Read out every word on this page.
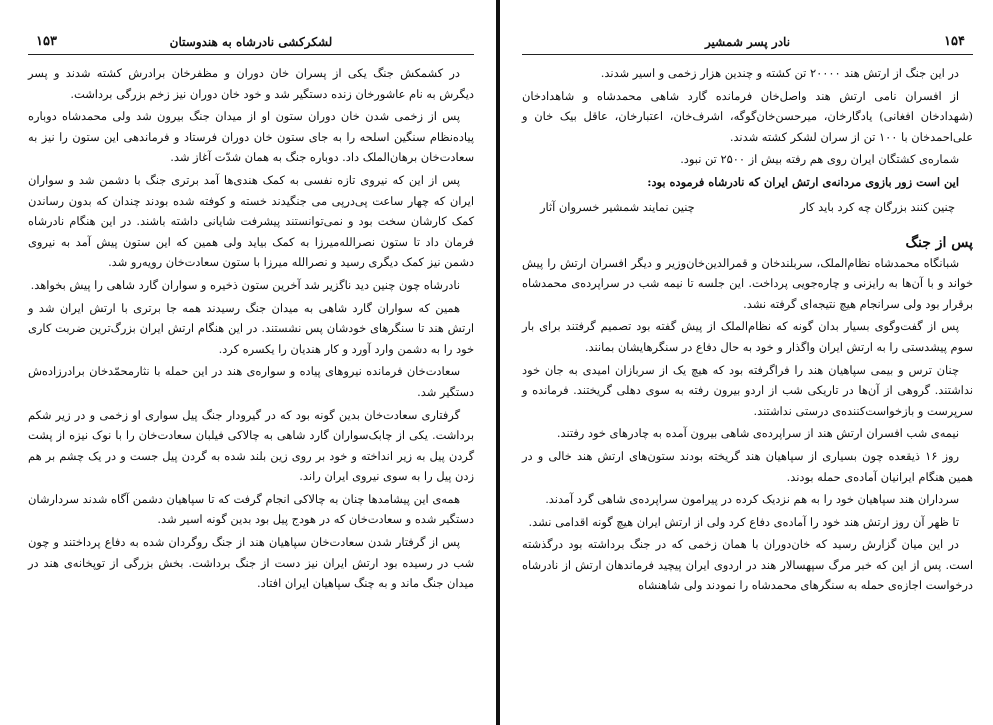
۱۵۳	لشکرکشی نادرشاه به هندوستان

در کشمکش جنگ یکی از پسران خان دوران و مظفرخان برادرش کشته شدند و پسر دیگرش به نام عاشورخان زنده دستگیر شد و خود خان دوران نیز زخم بزرگی برداشت.

پس از زخمی شدن خان دوران ستون او از میدان جنگ بیرون شد ولی محمدشاه دوباره پیاده‌نظام سنگین اسلحه را به جای ستون خان دوران فرستاد و فرماندهی این ستون را نیز به سعادت‌خان برهان‌الملک داد. دوباره جنگ به همان شدّت آغاز شد.

پس از این که نیروی تازه نفسی به کمک هندی‌ها آمد برتری جنگ با دشمن شد و سواران ایران که چهار ساعت پی‌درپی می جنگیدند خسته و کوفته شده بودند چندان که بدون رساندن کمک کارشان سخت بود و نمی‌توانستند پیشرفت شایانی داشته باشند. در این هنگام نادرشاه فرمان داد تا ستون نصرالله‌میرزا به کمک بیاید ولی همین که این ستون پیش آمد به نیروی دشمن نیز کمک دیگری رسید و نصرالله میرزا با ستون سعادت‌خان رویەرو شد.

نادرشاه چون چنین دید ناگزیر شد آخرین ستون ذخیره و سواران گارد شاهی را پیش بخواهد.

همین که سواران گارد شاهی به میدان جنگ رسیدند همه جا برتری با ارتش ایران شد و ارتش هند تا سنگرهای خودشان پس نشستند. در این هنگام ارتش ایران بزرگ‌ترین ضربت کاری خود را به دشمن وارد آورد و کار هندیان را یکسره کرد.

سعادت‌خان فرمانده نیروهای پیاده و سواره‌ی هند در این حمله با نثارمحمّدخان برادرزاده‌ش دستگیر شد.

گرفتاری سعادت‌خان بدین گونه بود که در گیرودار جنگ پیل سواری او زخمی و در زیر شکم برداشت. یکی از چابک‌سواران گارد شاهی به چالاکی فیلبان سعادت‌خان را با نوک نیزه از پشت گردن پیل به زیر انداخته و خود بر روی زین بلند شده به گردن پیل جست و در یک چشم بر هم زدن پیل را به سوی نیروی ایران راند.

همه‌ی این پیشامدها چنان به چالاکی انجام گرفت که تا سپاهیان دشمن آگاه شدند سردارشان دستگیر شده و سعادت‌خان که در هودج پیل بود بدین گونه اسیر شد.

پس از گرفتار شدن سعادت‌خان سپاهیان هند از جنگ روگردان شده به دفاع پرداختند و چون شب در رسیده بود ارتش ایران نیز دست از جنگ برداشت. بخش بزرگی از توپخانه‌ی هند در میدان جنگ ماند و به چنگ سپاهیان ایران افتاد.

۱۵۴
نادر پسر شمشیر

در این جنگ از ارتش هند ۲۰۰۰۰ تن کشته و چندین هزار زخمی و اسیر شدند.

از افسران نامی ارتش هند واصل‌خان فرمانده گارد شاهی محمدشاه و شاهدادخان (شهدادخان افغانی) یادگارخان، میرحسن‌خان‌گوگه، اشرف‌خان، اعتبارخان، عاقل بیک خان و علی‌احمدخان با ۱۰۰ تن از سران لشکر کشته شدند.

شماره‌ی کشتگان ایران روی هم رفته بیش از ۲۵۰۰ تن نبود.

این است زور بازوی مردانه‌ی ارتش ایران که نادرشاه فرموده بود:

چنین کنند بزرگان چه کرد باید کار
چنین نمایند شمشیر خسروان آثار
پس از جنگ

شبانگاه محمدشاه نظام‌الملک، سربلندخان و قمرالدین‌خان‌وزیر و دیگر افسران ارتش را پیش خواند و با آن‌ها به رایزنی و چاره‌جویی پرداخت. این جلسه تا نیمه شب در سراپرده‌ی محمدشاه برقرار بود ولی سرانجام هیچ نتیجه‌ای گرفته نشد.

پس از گفت‌وگوی بسیار بدان گونه که نظام‌الملک از پیش گفته بود تصمیم گرفتند برای بار سوم پیشدستی را به ارتش ایران واگذار و خود به حال دفاع در سنگرهایشان بمانند.

چنان ترس و بیمی سپاهیان هند را فراگرفته بود که هیچ یک از سربازان امیدی به جان خود نداشتند. گروهی از آن‌ها در تاریکی شب از اردو بیرون رفته به سوی دهلی گریختند. فرمانده و سرپرست و بازخواست‌کننده‌ی درستی نداشتند.

نیمه‌ی شب افسران ارتش هند از سراپرده‌ی شاهی بیرون آمده به چادرهای خود رفتند.

روز ۱۶ ذیقعده چون بسیاری از سپاهیان هند گریخته بودند ستون‌های ارتش هند خالی و در همین هنگام ایرانیان آماده‌ی حمله بودند.

سرداران هند سپاهیان خود را به هم نزدیک کرده در پیرامون سراپرده‌ی شاهی گرد آمدند.

تا ظهر آن روز ارتش هند خود را آماده‌ی دفاع کرد ولی از ارتش ایران هیچ گونه اقدامی نشد.

در این میان گزارش رسید که خان‌دوران با همان زخمی که در جنگ برداشته بود درگذشته است. پس از این که خبر مرگ سپهسالار هند در اردوی ایران پیچید فرماندهان ارتش از نادرشاه درخواست اجازه‌ی حمله به سنگرهای محمدشاه را نمودند ولی شاهنشاه
